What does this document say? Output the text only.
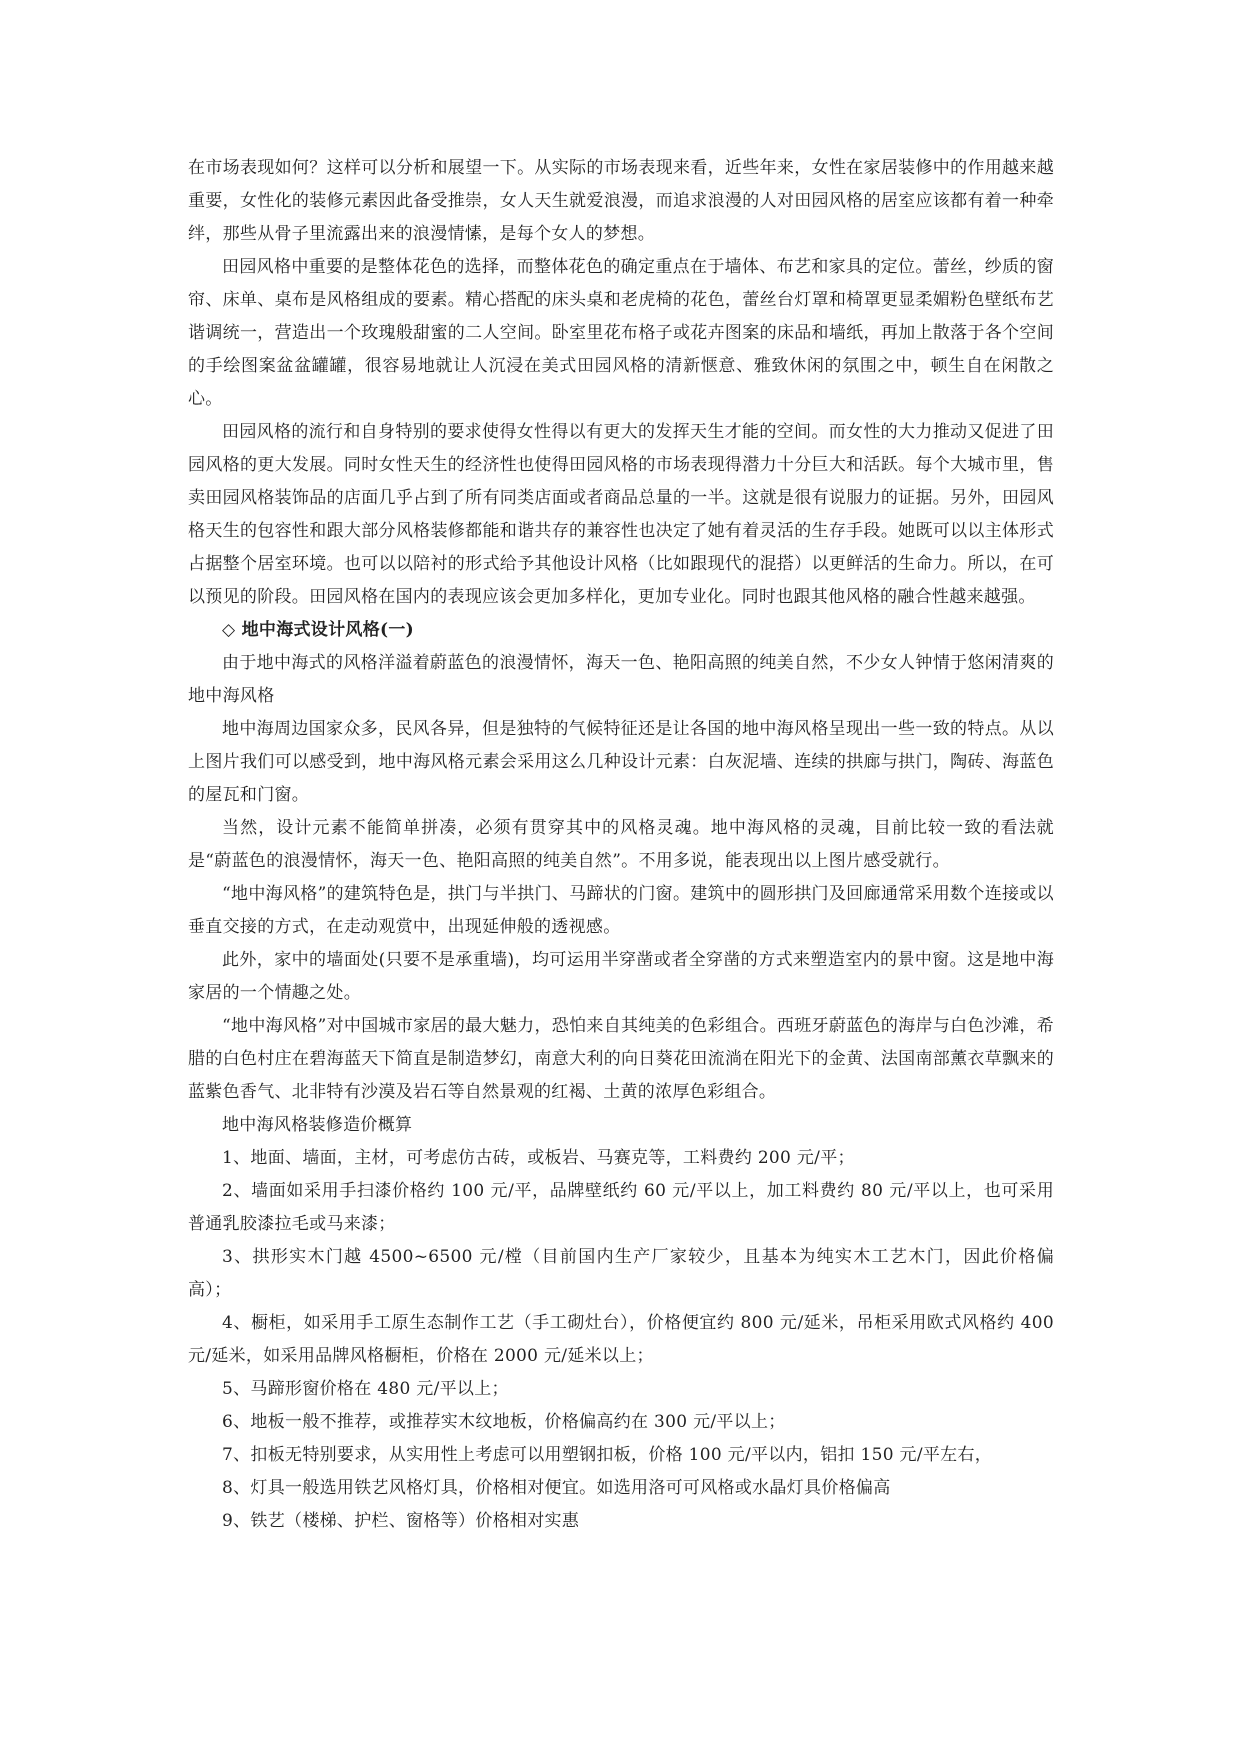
在市场表现如何？这样可以分析和展望一下。从实际的市场表现来看，近些年来，女性在家居装修中的作用越来越重要，女性化的装修元素因此备受推崇，女人天生就爱浪漫，而追求浪漫的人对田园风格的居室应该都有着一种牵绊，那些从骨子里流露出来的浪漫情愫，是每个女人的梦想。

田园风格中重要的是整体花色的选择，而整体花色的确定重点在于墙体、布艺和家具的定位。蕾丝，纱质的窗帘、床单、桌布是风格组成的要素。精心搭配的床头桌和老虎椅的花色，蕾丝台灯罩和椅罩更显柔媚粉色壁纸布艺谐调统一，营造出一个玫瑰般甜蜜的二人空间。卧室里花布格子或花卉图案的床品和墙纸，再加上散落于各个空间的手绘图案盆盆罐罐，很容易地就让人沉浸在美式田园风格的清新惬意、雅致休闲的氛围之中，顿生自在闲散之心。

田园风格的流行和自身特别的要求使得女性得以有更大的发挥天生才能的空间。而女性的大力推动又促进了田园风格的更大发展。同时女性天生的经济性也使得田园风格的市场表现得潜力十分巨大和活跃。每个大城市里，售卖田园风格装饰品的店面几乎占到了所有同类店面或者商品总量的一半。这就是很有说服力的证据。另外，田园风格天生的包容性和跟大部分风格装修都能和谐共存的兼容性也决定了她有着灵活的生存手段。她既可以以主体形式占据整个居室环境。也可以以陪衬的形式给予其他设计风格（比如跟现代的混搭）以更鲜活的生命力。所以，在可以预见的阶段。田园风格在国内的表现应该会更加多样化，更加专业化。同时也跟其他风格的融合性越来越强。

◇ 地中海式设计风格(一)

由于地中海式的风格洋溢着蔚蓝色的浪漫情怀，海天一色、艳阳高照的纯美自然，不少女人钟情于悠闲清爽的地中海风格

地中海周边国家众多，民风各异，但是独特的气候特征还是让各国的地中海风格呈现出一些一致的特点。从以上图片我们可以感受到，地中海风格元素会采用这么几种设计元素：白灰泥墙、连续的拱廊与拱门，陶砖、海蓝色的屋瓦和门窗。

当然，设计元素不能简单拼凑，必须有贯穿其中的风格灵魂。地中海风格的灵魂，目前比较一致的看法就是“蔚蓝色的浪漫情怀，海天一色、艳阳高照的纯美自然”。不用多说，能表现出以上图片感受就行。

“地中海风格”的建筑特色是，拱门与半拱门、马蹄状的门窗。建筑中的圆形拱门及回廊通常采用数个连接或以垂直交接的方式，在走动观赏中，出现延伸般的透视感。

此外，家中的墙面处(只要不是承重墙)，均可运用半穿凿或者全穿凿的方式来塑造室内的景中窗。这是地中海家居的一个情趣之处。

“地中海风格”对中国城市家居的最大魅力，恐怕来自其纯美的色彩组合。西班牙蔚蓝色的海岸与白色沙滩，希腊的白色村庄在碧海蓝天下简直是制造梦幻，南意大利的向日葵花田流淌在阳光下的金黄、法国南部薰衣草飘来的蓝紫色香气、北非特有沙漠及岩石等自然景观的红褐、土黄的浓厚色彩组合。

地中海风格装修造价概算

1、地面、墙面，主材，可考虑仿古砖，或板岩、马赛克等，工料费约 200 元/平；

2、墙面如采用手扫漆价格约 100 元/平，品牌壁纸约 60 元/平以上，加工料费约 80 元/平以上，也可采用普通乳胶漆拉毛或马来漆；

3、拱形实木门越 4500~6500 元/樘（目前国内生产厂家较少，且基本为纯实木工艺木门，因此价格偏高）；

4、橱柜，如采用手工原生态制作工艺（手工砌灶台），价格便宜约 800 元/延米，吊柜采用欧式风格约 400 元/延米，如采用品牌风格橱柜，价格在 2000 元/延米以上；

5、马蹄形窗价格在 480 元/平以上；

6、地板一般不推荐，或推荐实木纹地板，价格偏高约在 300 元/平以上；

7、扣板无特别要求，从实用性上考虑可以用塑钢扣板，价格 100 元/平以内，铝扣 150 元/平左右，

8、灯具一般选用铁艺风格灯具，价格相对便宜。如选用洛可可风格或水晶灯具价格偏高

9、铁艺（楼梯、护栏、窗格等）价格相对实惠
